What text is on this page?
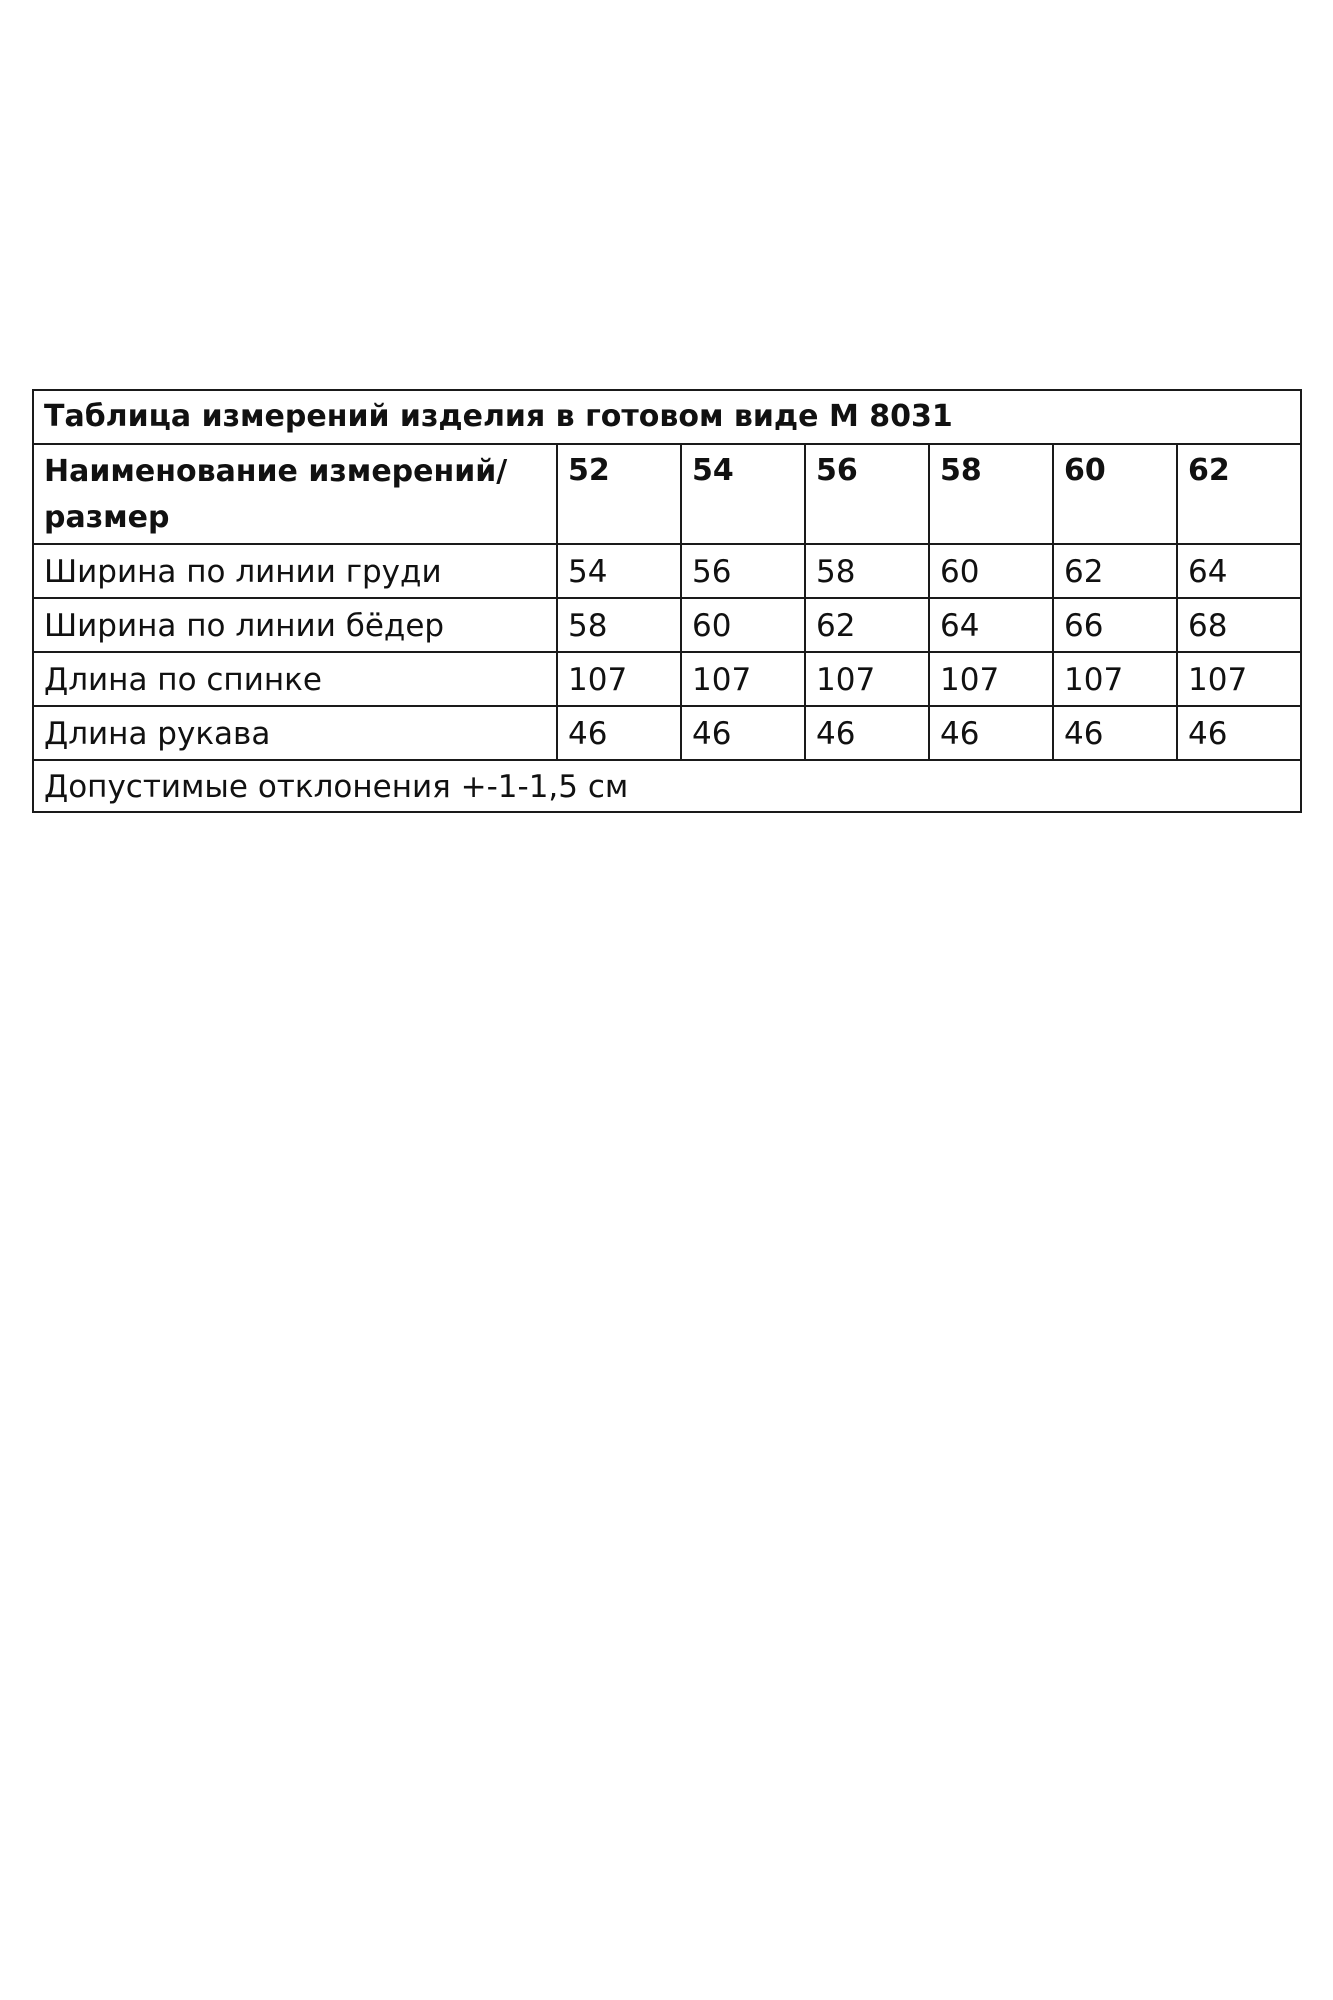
Таблица измерений изделия в готовом виде М 8031						
Наименование измерений/размер	52	54	56	58	60	62
Ширина по линии груди	54	56	58	60	62	64
Ширина по линии бёдер	58	60	62	64	66	68
Длина по спинке	107	107	107	107	107	107
Длина рукава	46	46	46	46	46	46
Допустимые отклонения +-1-1,5 см						
